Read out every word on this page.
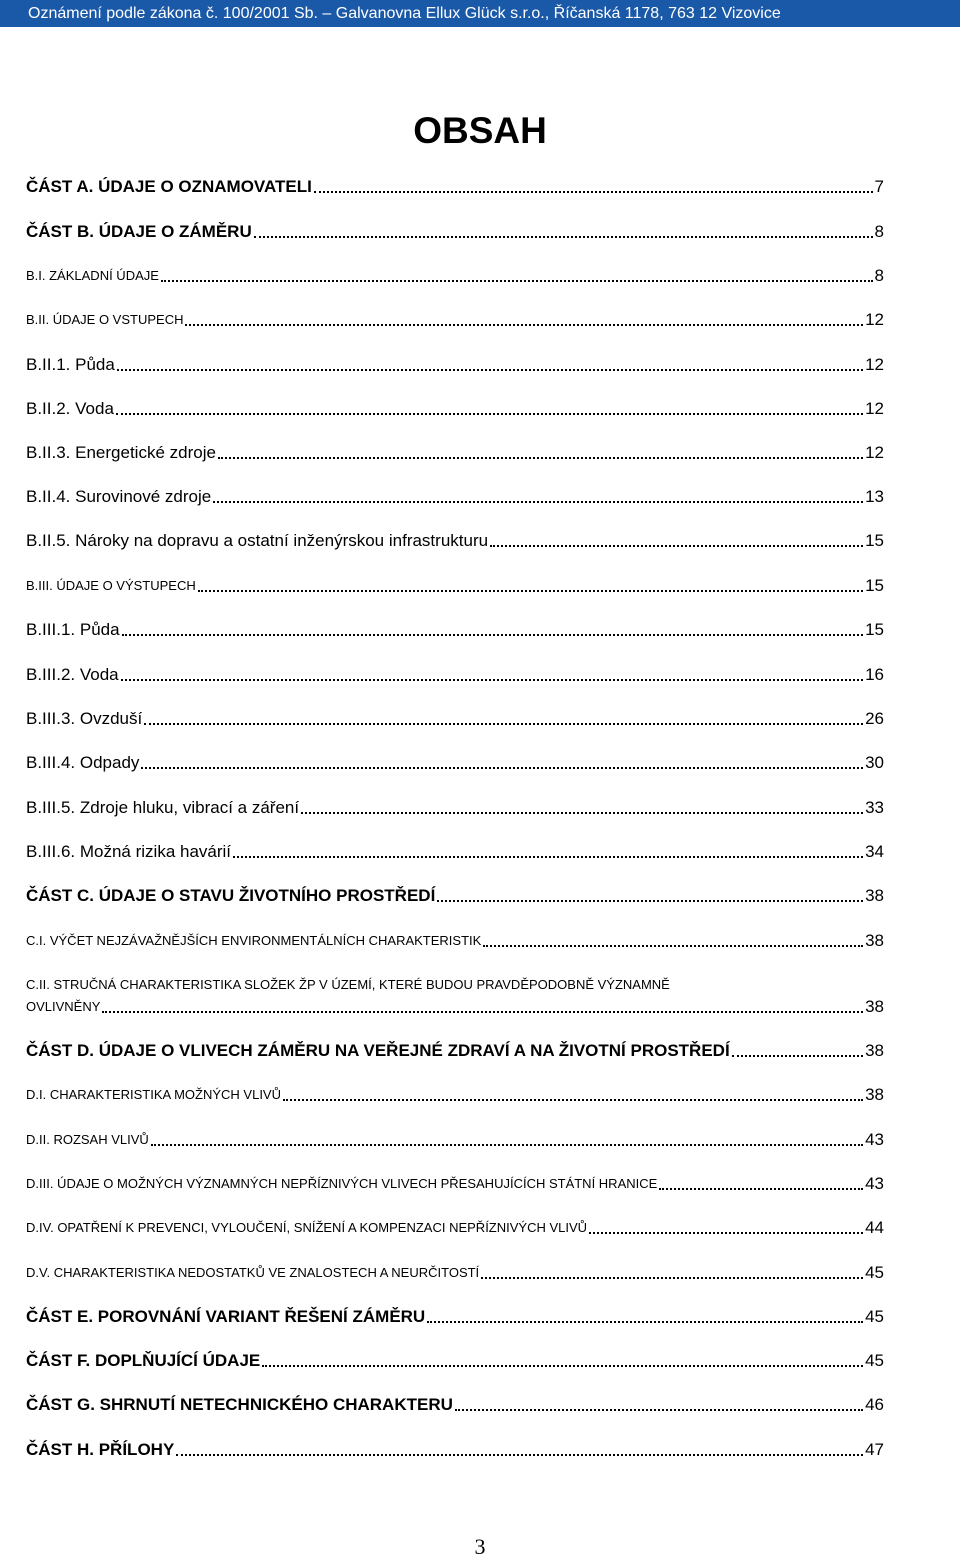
Oznámení podle zákona č. 100/2001 Sb. – Galvanovna Ellux Glück s.r.o., Říčanská 1178, 763 12 Vizovice
OBSAH
ČÁST A. ÚDAJE O OZNAMOVATELI	7
ČÁST B. ÚDAJE O ZÁMĚRU	8
B.I. ZÁKLADNÍ ÚDAJE	8
B.II. ÚDAJE O VSTUPECH	12
B.II.1. Půda	12
B.II.2. Voda	12
B.II.3. Energetické zdroje	12
B.II.4. Surovinové zdroje	13
B.II.5. Nároky na dopravu a ostatní inženýrskou infrastrukturu	15
B.III. ÚDAJE O VÝSTUPECH	15
B.III.1. Půda	15
B.III.2. Voda	16
B.III.3. Ovzduší	26
B.III.4. Odpady	30
B.III.5. Zdroje hluku, vibrací a záření	33
B.III.6. Možná rizika havárií	34
ČÁST C. ÚDAJE O STAVU ŽIVOTNÍHO PROSTŘEDÍ	38
C.I. VÝČET NEJZÁVAŽNĚJŠÍCH ENVIRONMENTÁLNÍCH CHARAKTERISTIK	38
C.II. STRUČNÁ CHARAKTERISTIKA SLOŽEK ŽP V ÚZEMÍ, KTERÉ BUDOU PRAVDĚPODOBNĚ VÝZNAMNĚ
OVLIVNĚNY	38
ČÁST D. ÚDAJE O VLIVECH ZÁMĚRU NA VEŘEJNÉ ZDRAVÍ A NA ŽIVOTNÍ PROSTŘEDÍ	38
D.I. CHARAKTERISTIKA MOŽNÝCH VLIVŮ	38
D.II. ROZSAH VLIVŮ	43
D.III. ÚDAJE O MOŽNÝCH VÝZNAMNÝCH NEPŘÍZNIVÝCH VLIVECH PŘESAHUJÍCÍCH STÁTNÍ HRANICE	43
D.IV. OPATŘENÍ K PREVENCI, VYLOUČENÍ, SNÍŽENÍ A KOMPENZACI NEPŘÍZNIVÝCH VLIVŮ	44
D.V. CHARAKTERISTIKA NEDOSTATKŮ VE ZNALOSTECH A NEURČITOSTÍ	45
ČÁST E. POROVNÁNÍ VARIANT ŘEŠENÍ ZÁMĚRU	45
ČÁST F. DOPLŇUJÍCÍ ÚDAJE	45
ČÁST G. SHRNUTÍ NETECHNICKÉHO CHARAKTERU	46
ČÁST H. PŘÍLOHY	47
3
